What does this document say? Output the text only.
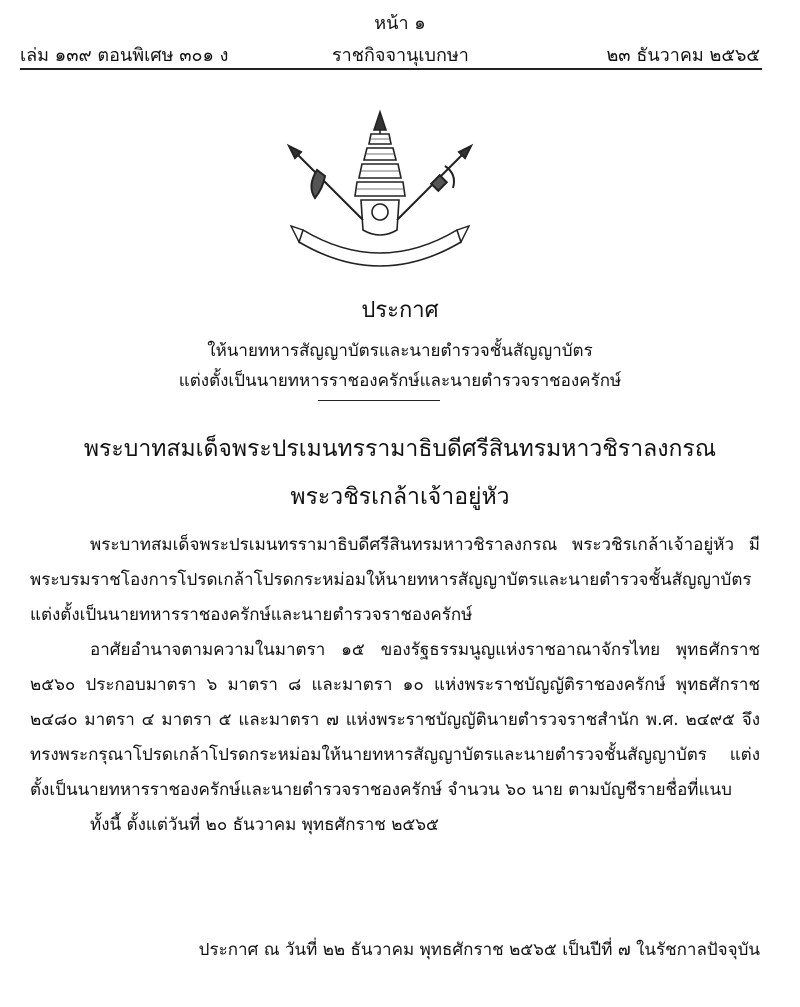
หน้า ๑
เล่ม ๑๓๙ ตอนพิเศษ ๓๐๑ ง	ราชกิจจานุเบกษา	๒๓ ธันวาคม ๒๕๖๕
ประกาศ
ให้นายทหารสัญญาบัตรและนายตำรวจชั้นสัญญาบัตร
แต่งตั้งเป็นนายทหารราชองครักษ์และนายตำรวจราชองครักษ์
พระบาทสมเด็จพระปรเมนทรรามาธิบดีศรีสินทรมหาวชิราลงกรณ
พระวชิรเกล้าเจ้าอยู่หัว

พระบาทสมเด็จพระปรเมนทรรามาธิบดีศรีสินทรมหาวชิราลงกรณ พระวชิรเกล้าเจ้าอยู่หัว มีพระบรมราชโองการโปรดเกล้าโปรดกระหม่อมให้นายทหารสัญญาบัตรและนายตำรวจชั้นสัญญาบัตร แต่งตั้งเป็นนายทหารราชองครักษ์และนายตำรวจราชองครักษ์

อาศัยอำนาจตามความในมาตรา ๑๕ ของรัฐธรรมนูญแห่งราชอาณาจักรไทย พุทธศักราช ๒๕๖๐ ประกอบมาตรา ๖ มาตรา ๘ และมาตรา ๑๐ แห่งพระราชบัญญัติราชองครักษ์ พุทธศักราช ๒๔๘๐ มาตรา ๔ มาตรา ๕ และมาตรา ๗ แห่งพระราชบัญญัตินายตำรวจราชสำนัก พ.ศ. ๒๔๙๕ จึงทรงพระกรุณาโปรดเกล้าโปรดกระหม่อมให้นายทหารสัญญาบัตรและนายตำรวจชั้นสัญญาบัตร แต่งตั้งเป็นนายทหารราชองครักษ์และนายตำรวจราชองครักษ์ จำนวน ๖๐ นาย ตามบัญชีรายชื่อที่แนบ

ทั้งนี้ ตั้งแต่วันที่ ๒๐ ธันวาคม พุทธศักราช ๒๕๖๕

ประกาศ ณ วันที่ ๒๒ ธันวาคม พุทธศักราช ๒๕๖๕ เป็นปีที่ ๗ ในรัชกาลปัจจุบัน
